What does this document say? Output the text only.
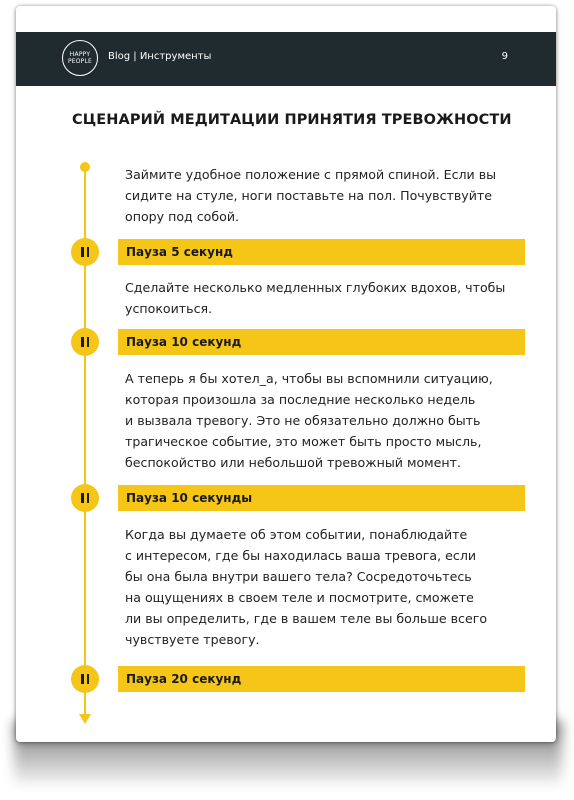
HAPPY
PEOPLE Blog | Инструменты	9
СЦЕНАРИЙ МЕДИТАЦИИ ПРИНЯТИЯ ТРЕВОЖНОСТИ
Займите удобное положение с прямой спиной. Если вы
сидите на стуле, ноги поставьте на пол. Почувствуйте
опору под собой.
Пауза 5 секунд
Сделайте несколько медленных глубоких вдохов, чтобы
успокоиться.
Пауза 10 секунд
А теперь я бы хотел_а, чтобы вы вспомнили ситуацию,
которая произошла за последние несколько недель
и вызвала тревогу. Это не обязательно должно быть
трагическое событие, это может быть просто мысль,
беспокойство или небольшой тревожный момент.
Пауза 10 секунды
Когда вы думаете об этом событии, понаблюдайте
с интересом, где бы находилась ваша тревога, если
бы она была внутри вашего тела? Сосредоточьтесь
на ощущениях в своем теле и посмотрите, сможете
ли вы определить, где в вашем теле вы больше всего
чувствуете тревогу.
Пауза 20 секунд
